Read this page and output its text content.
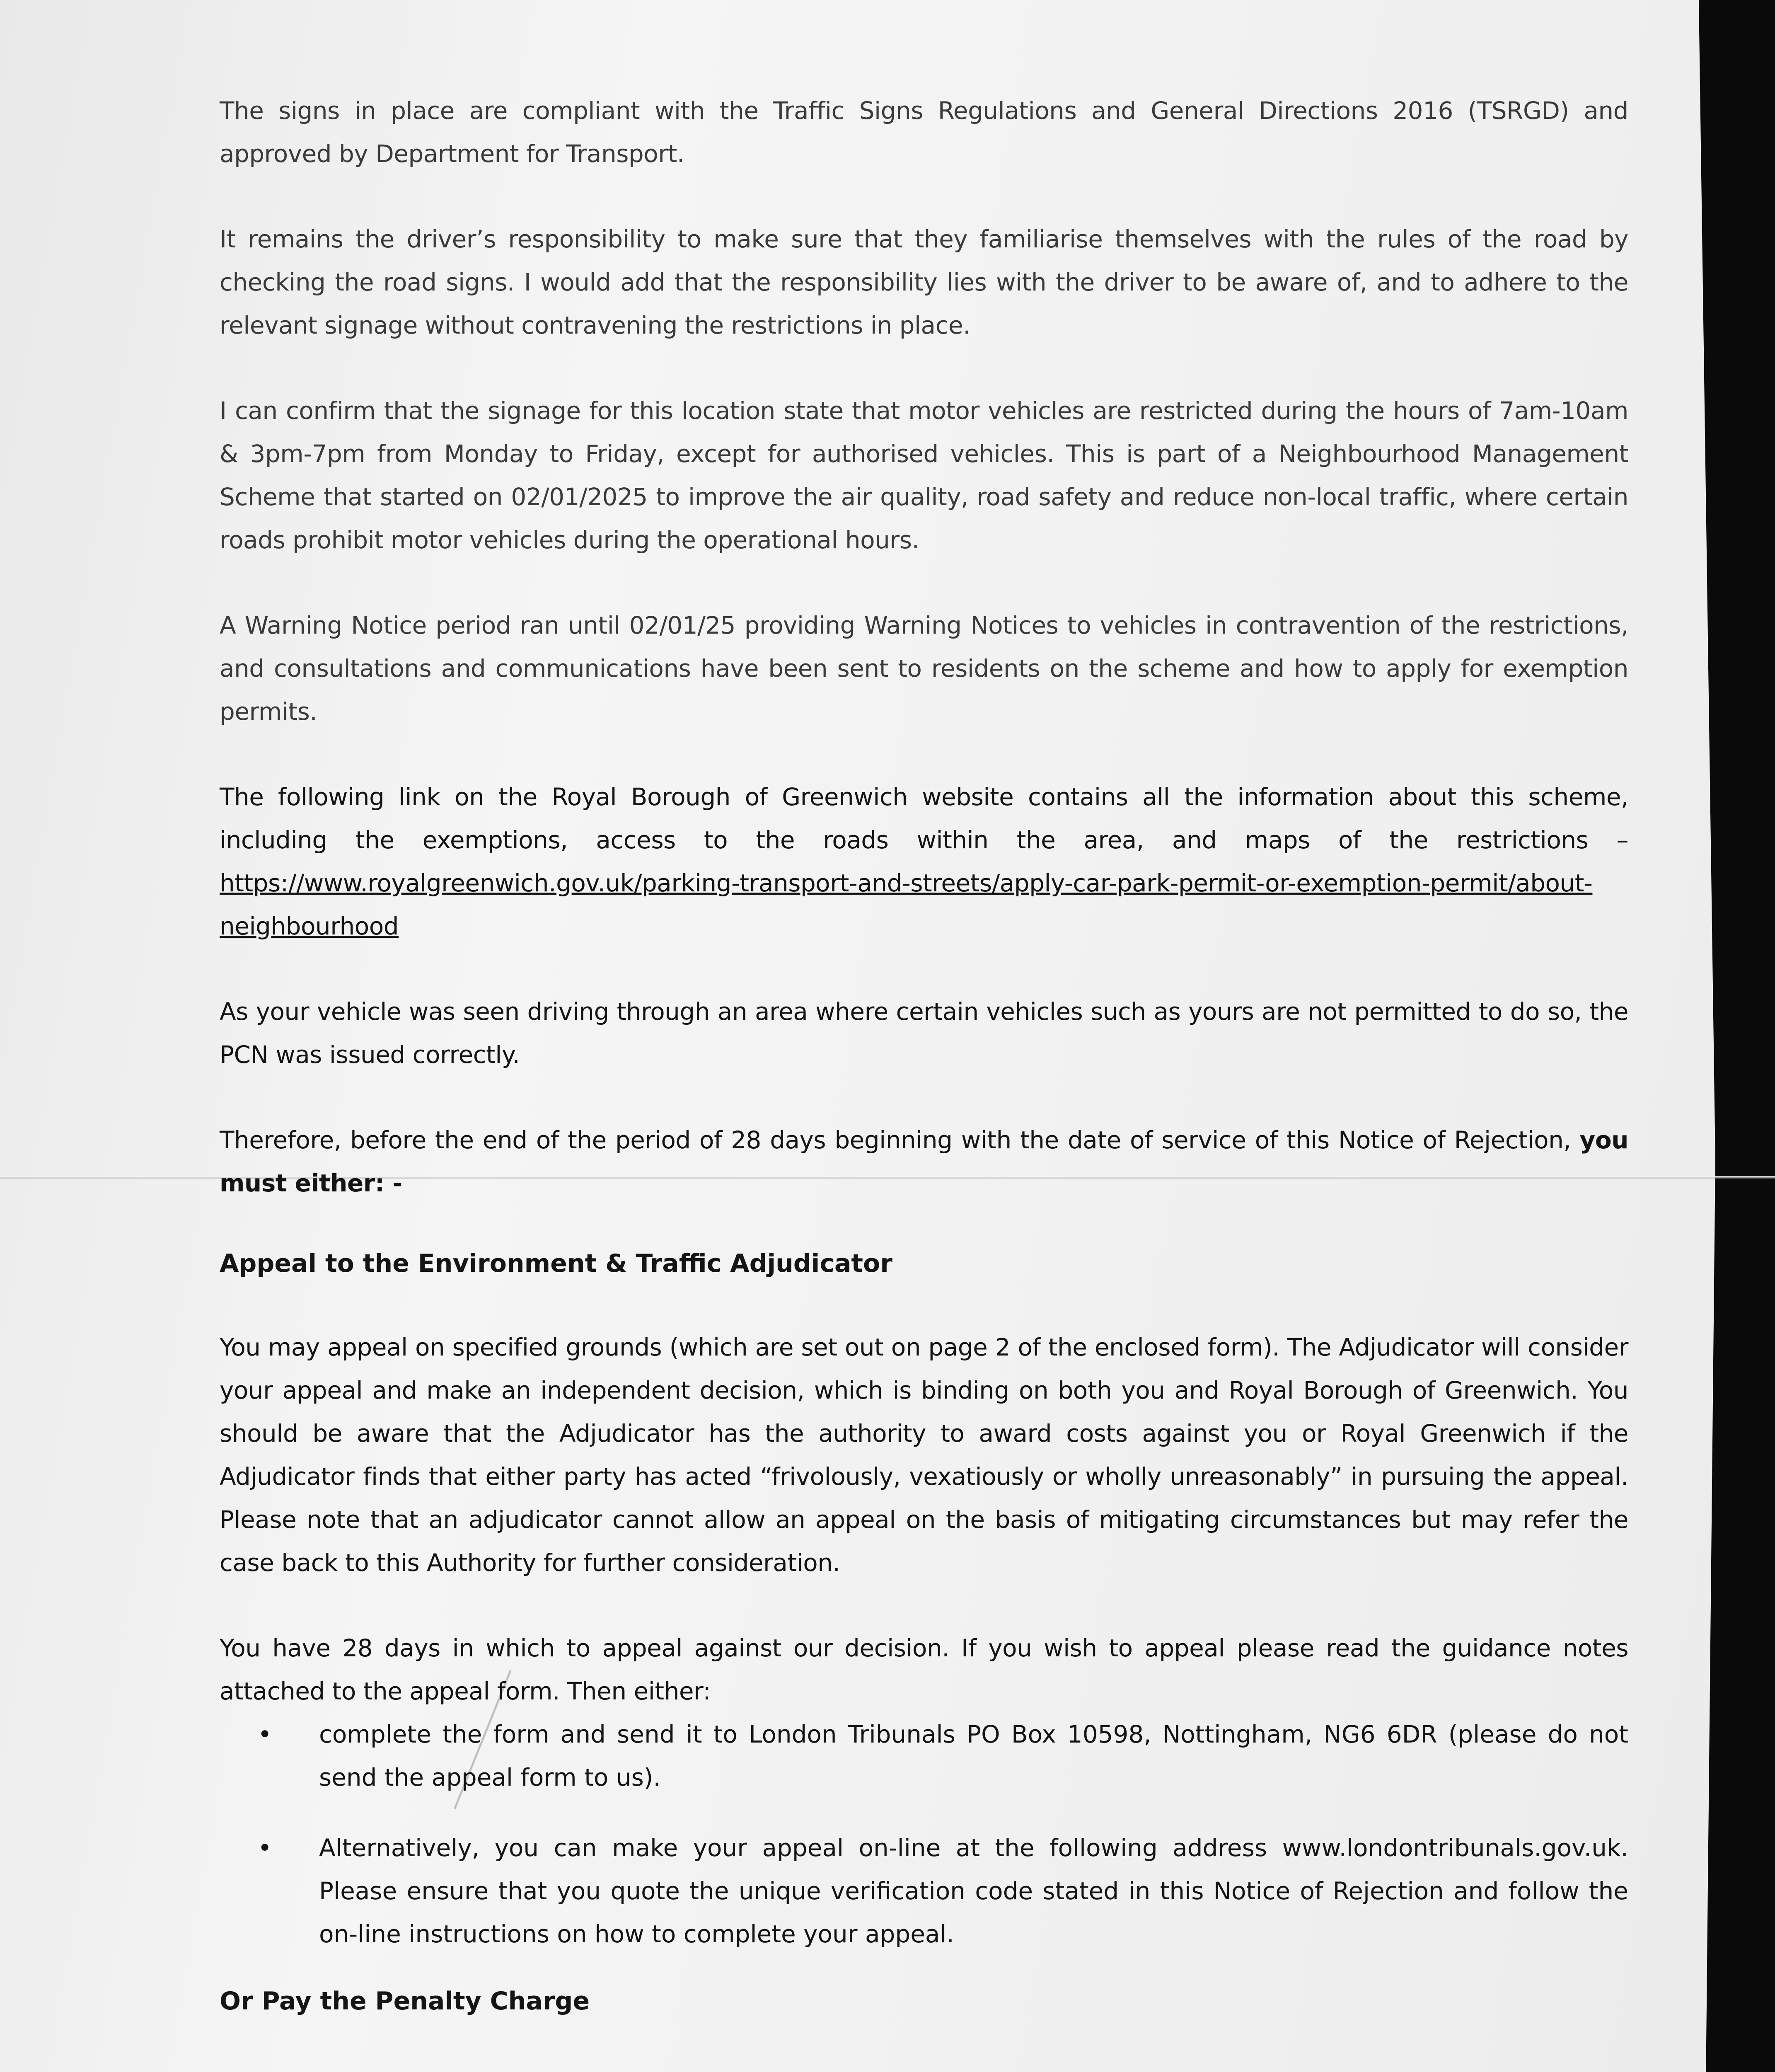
The signs in place are compliant with the Traffic Signs Regulations and General Directions 2016 (TSRGD) and approved by Department for Transport.

It remains the driver’s responsibility to make sure that they familiarise themselves with the rules of the road by checking the road signs. I would add that the responsibility lies with the driver to be aware of, and to adhere to the relevant signage without contravening the restrictions in place.

I can confirm that the signage for this location state that motor vehicles are restricted during the hours of 7am-10am & 3pm-7pm from Monday to Friday, except for authorised vehicles. This is part of a Neighbourhood Management Scheme that started on 02/01/2025 to improve the air quality, road safety and reduce non-local traffic, where certain roads prohibit motor vehicles during the operational hours.

A Warning Notice period ran until 02/01/25 providing Warning Notices to vehicles in contravention of the restrictions, and consultations and communications have been sent to residents on the scheme and how to apply for exemption permits.

The following link on the Royal Borough of Greenwich website contains all the information about this scheme, including the exemptions, access to the roads within the area, and maps of the restrictions – https://www.royalgreenwich.gov.uk/parking-transport-and-streets/apply-car-park-permit-or-exemption-permit/about-neighbourhood

As your vehicle was seen driving through an area where certain vehicles such as yours are not permitted to do so, the PCN was issued correctly.

Therefore, before the end of the period of 28 days beginning with the date of service of this Notice of Rejection, you must either: -

Appeal to the Environment & Traffic Adjudicator

You may appeal on specified grounds (which are set out on page 2 of the enclosed form). The Adjudicator will consider your appeal and make an independent decision, which is binding on both you and Royal Borough of Greenwich. You should be aware that the Adjudicator has the authority to award costs against you or Royal Greenwich if the Adjudicator finds that either party has acted “frivolously, vexatiously or wholly unreasonably” in pursuing the appeal. Please note that an adjudicator cannot allow an appeal on the basis of mitigating circumstances but may refer the case back to this Authority for further consideration.

You have 28 days in which to appeal against our decision. If you wish to appeal please read the guidance notes attached to the appeal form. Then either:

• complete the form and send it to London Tribunals PO Box 10598, Nottingham, NG6 6DR (please do not send the appeal form to us).
• Alternatively, you can make your appeal on-line at the following address www.londontribunals.gov.uk. Please ensure that you quote the unique verification code stated in this Notice of Rejection and follow the on-line instructions on how to complete your appeal.
Or Pay the Penalty Charge
